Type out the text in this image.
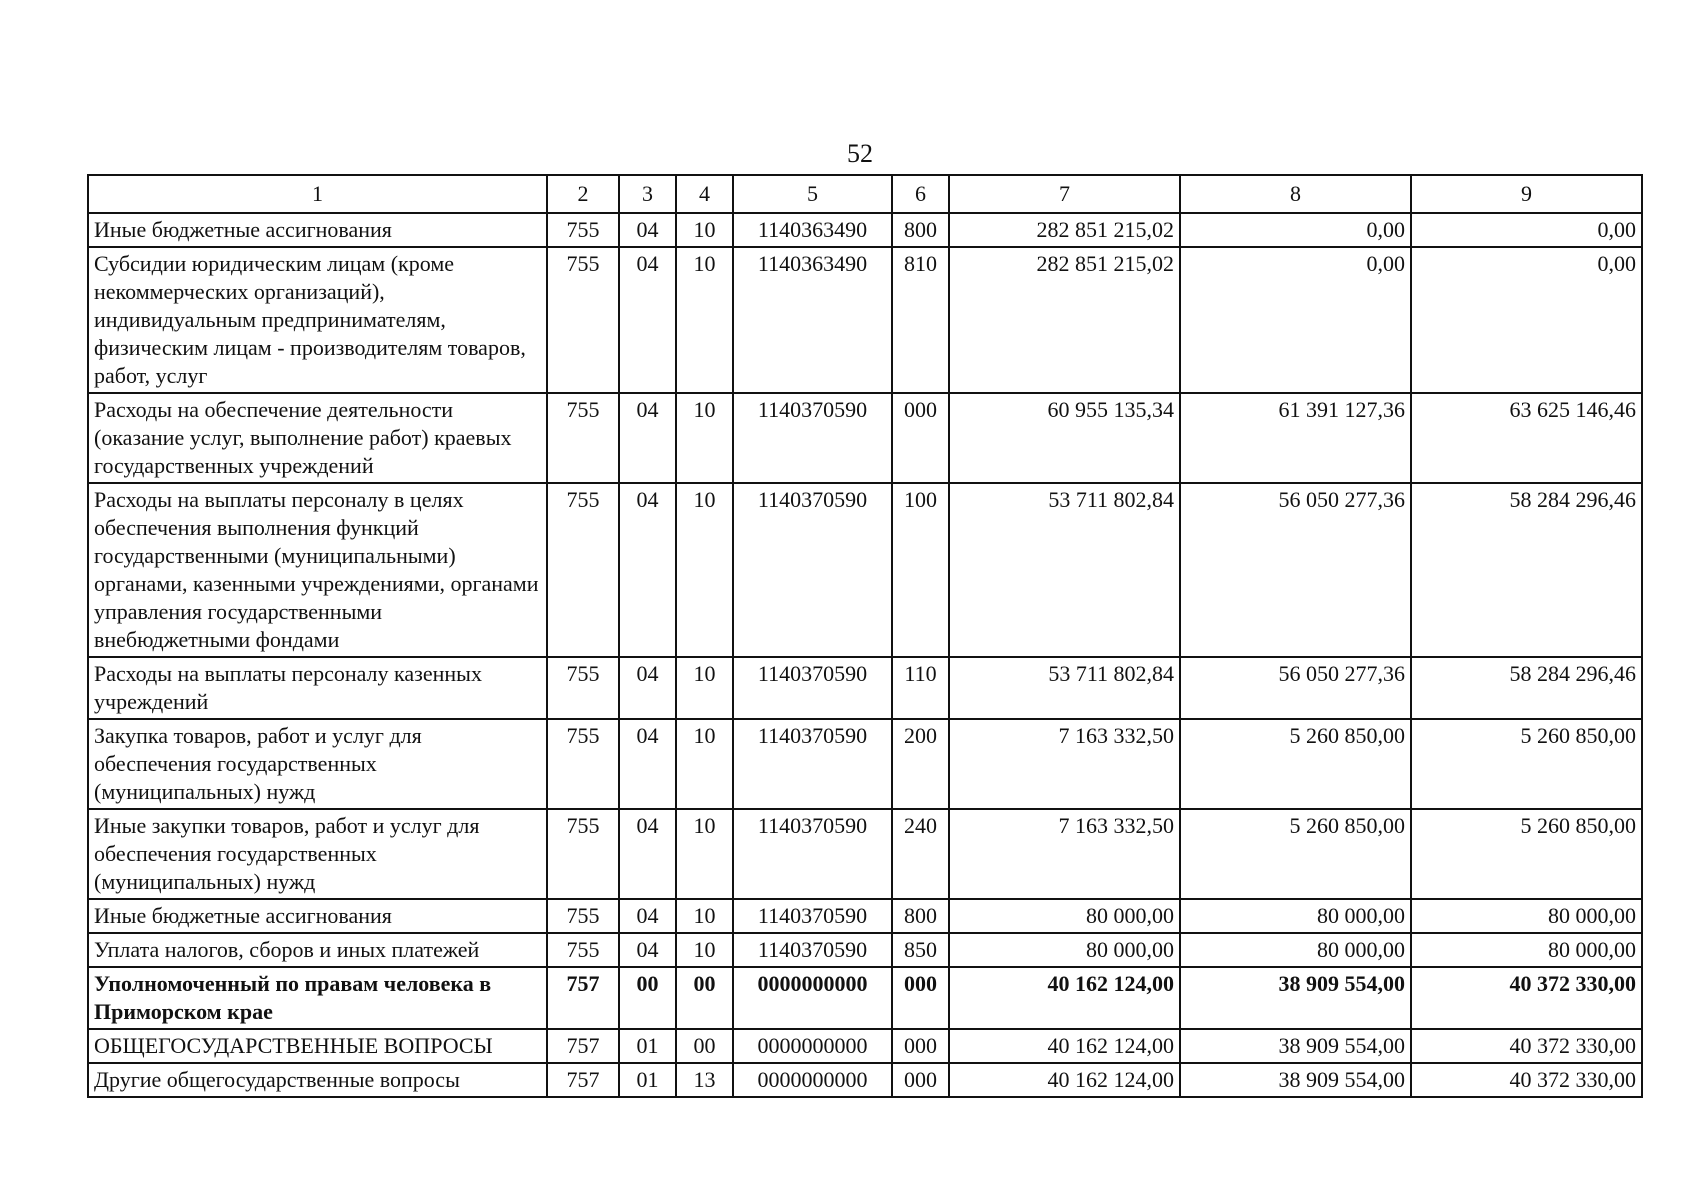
52
1	2	3	4	5	6	7	8	9
Иные бюджетные ассигнования	755	04	10	1140363490	800	282 851 215,02	0,00	0,00
Субсидии юридическим лицам (кроме некоммерческих организаций), индивидуальным предпринимателям, физическим лицам - производителям товаров, работ, услуг	755	04	10	1140363490	810	282 851 215,02	0,00	0,00
Расходы на обеспечение деятельности (оказание услуг, выполнение работ) краевых государственных учреждений	755	04	10	1140370590	000	60 955 135,34	61 391 127,36	63 625 146,46
Расходы на выплаты персоналу в целях обеспечения выполнения функций государственными (муниципальными) органами, казенными учреждениями, органами управления государственными внебюджетными фондами	755	04	10	1140370590	100	53 711 802,84	56 050 277,36	58 284 296,46
Расходы на выплаты персоналу казенных учреждений	755	04	10	1140370590	110	53 711 802,84	56 050 277,36	58 284 296,46
Закупка товаров, работ и услуг для обеспечения государственных (муниципальных) нужд	755	04	10	1140370590	200	7 163 332,50	5 260 850,00	5 260 850,00
Иные закупки товаров, работ и услуг для обеспечения государственных (муниципальных) нужд	755	04	10	1140370590	240	7 163 332,50	5 260 850,00	5 260 850,00
Иные бюджетные ассигнования	755	04	10	1140370590	800	80 000,00	80 000,00	80 000,00
Уплата налогов, сборов и иных платежей	755	04	10	1140370590	850	80 000,00	80 000,00	80 000,00
Уполномоченный по правам человека в Приморском крае	757	00	00	0000000000	000	40 162 124,00	38 909 554,00	40 372 330,00
ОБЩЕГОСУДАРСТВЕННЫЕ ВОПРОСЫ	757	01	00	0000000000	000	40 162 124,00	38 909 554,00	40 372 330,00
Другие общегосударственные вопросы	757	01	13	0000000000	000	40 162 124,00	38 909 554,00	40 372 330,00
